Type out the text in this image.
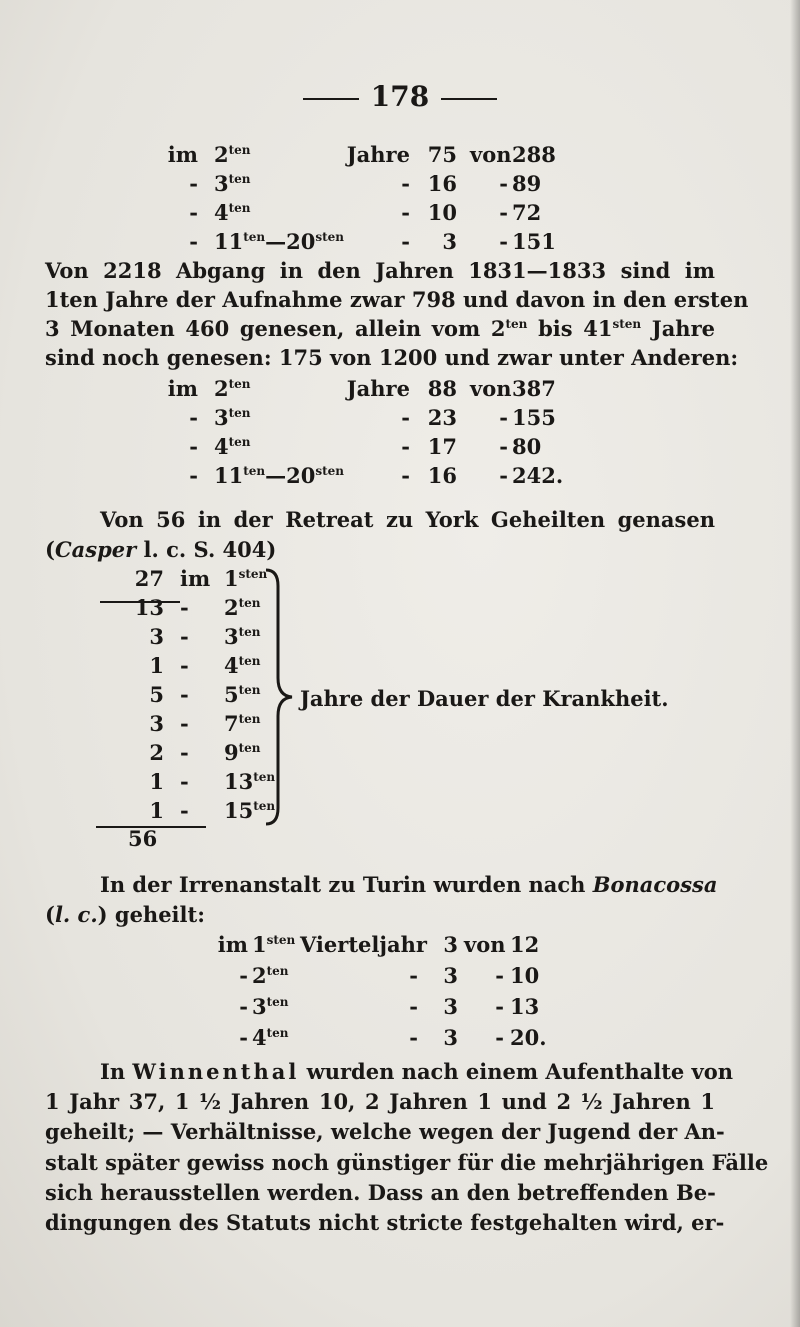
178
im $2^{ten}$	Jahre 75 von 288
- $3^{ten}$	- 16	- 89
- $4^{ten}$	- 10	- 72
- $11^{ten}—20^{sten}$	-	3	- 151
Von 2218 Abgang in den Jahren 1831—1833 sind im
1ten Jahre der Aufnahme zwar 798 und davon in den ersten
3 Monaten 460 genesen, allein vom $2^{ten}$ bis $41^{sten}$ Jahre
sind noch genesen: 175 von 1200 und zwar unter Anderen:
im $2^{ten}$	Jahre 88 von 387
- $3^{ten}$	- 23	- 155
- $4^{ten}$	- 17	- 80
- $11^{ten}—20^{sten}$	- 16	- 242.
Von 56 in der Retreat zu York Geheilten genasen
(Casper l. c. S. 404)
27 im $1^{sten}$
$13 - 2^{ten}$
$3 - 3^{ten}$
$1 - 4^{ten}$
$5 - 5^{ten}$
$3 - 7^{ten}$
$2 - 9^{ten}$
$1 - 13^{ten}$
$1 - 15^{ten}$
56
Jahre der Dauer der Krankheit.
In der Irrenanstalt zu Turin wurden nach Bonacossa
(l. c.) geheilt:
im $1^{sten}$ Vierteljahr 3 von 12
- $2^{ten}$	-	3	- 10
- $3^{ten}$	-	3	- 13
- $4^{ten}$	-	3	- 20.
In Winnenthal wurden nach einem Aufenthalte von
1 Jahr 37, 1 ½ Jahren 10, 2 Jahren 1 und 2 ½ Jahren 1
geheilt; — Verhältnisse, welche wegen der Jugend der An-
stalt später gewiss noch günstiger für die mehrjährigen Fälle
sich herausstellen werden. Dass an den betreffenden Be-
dingungen des Statuts nicht stricte festgehalten wird, er-
